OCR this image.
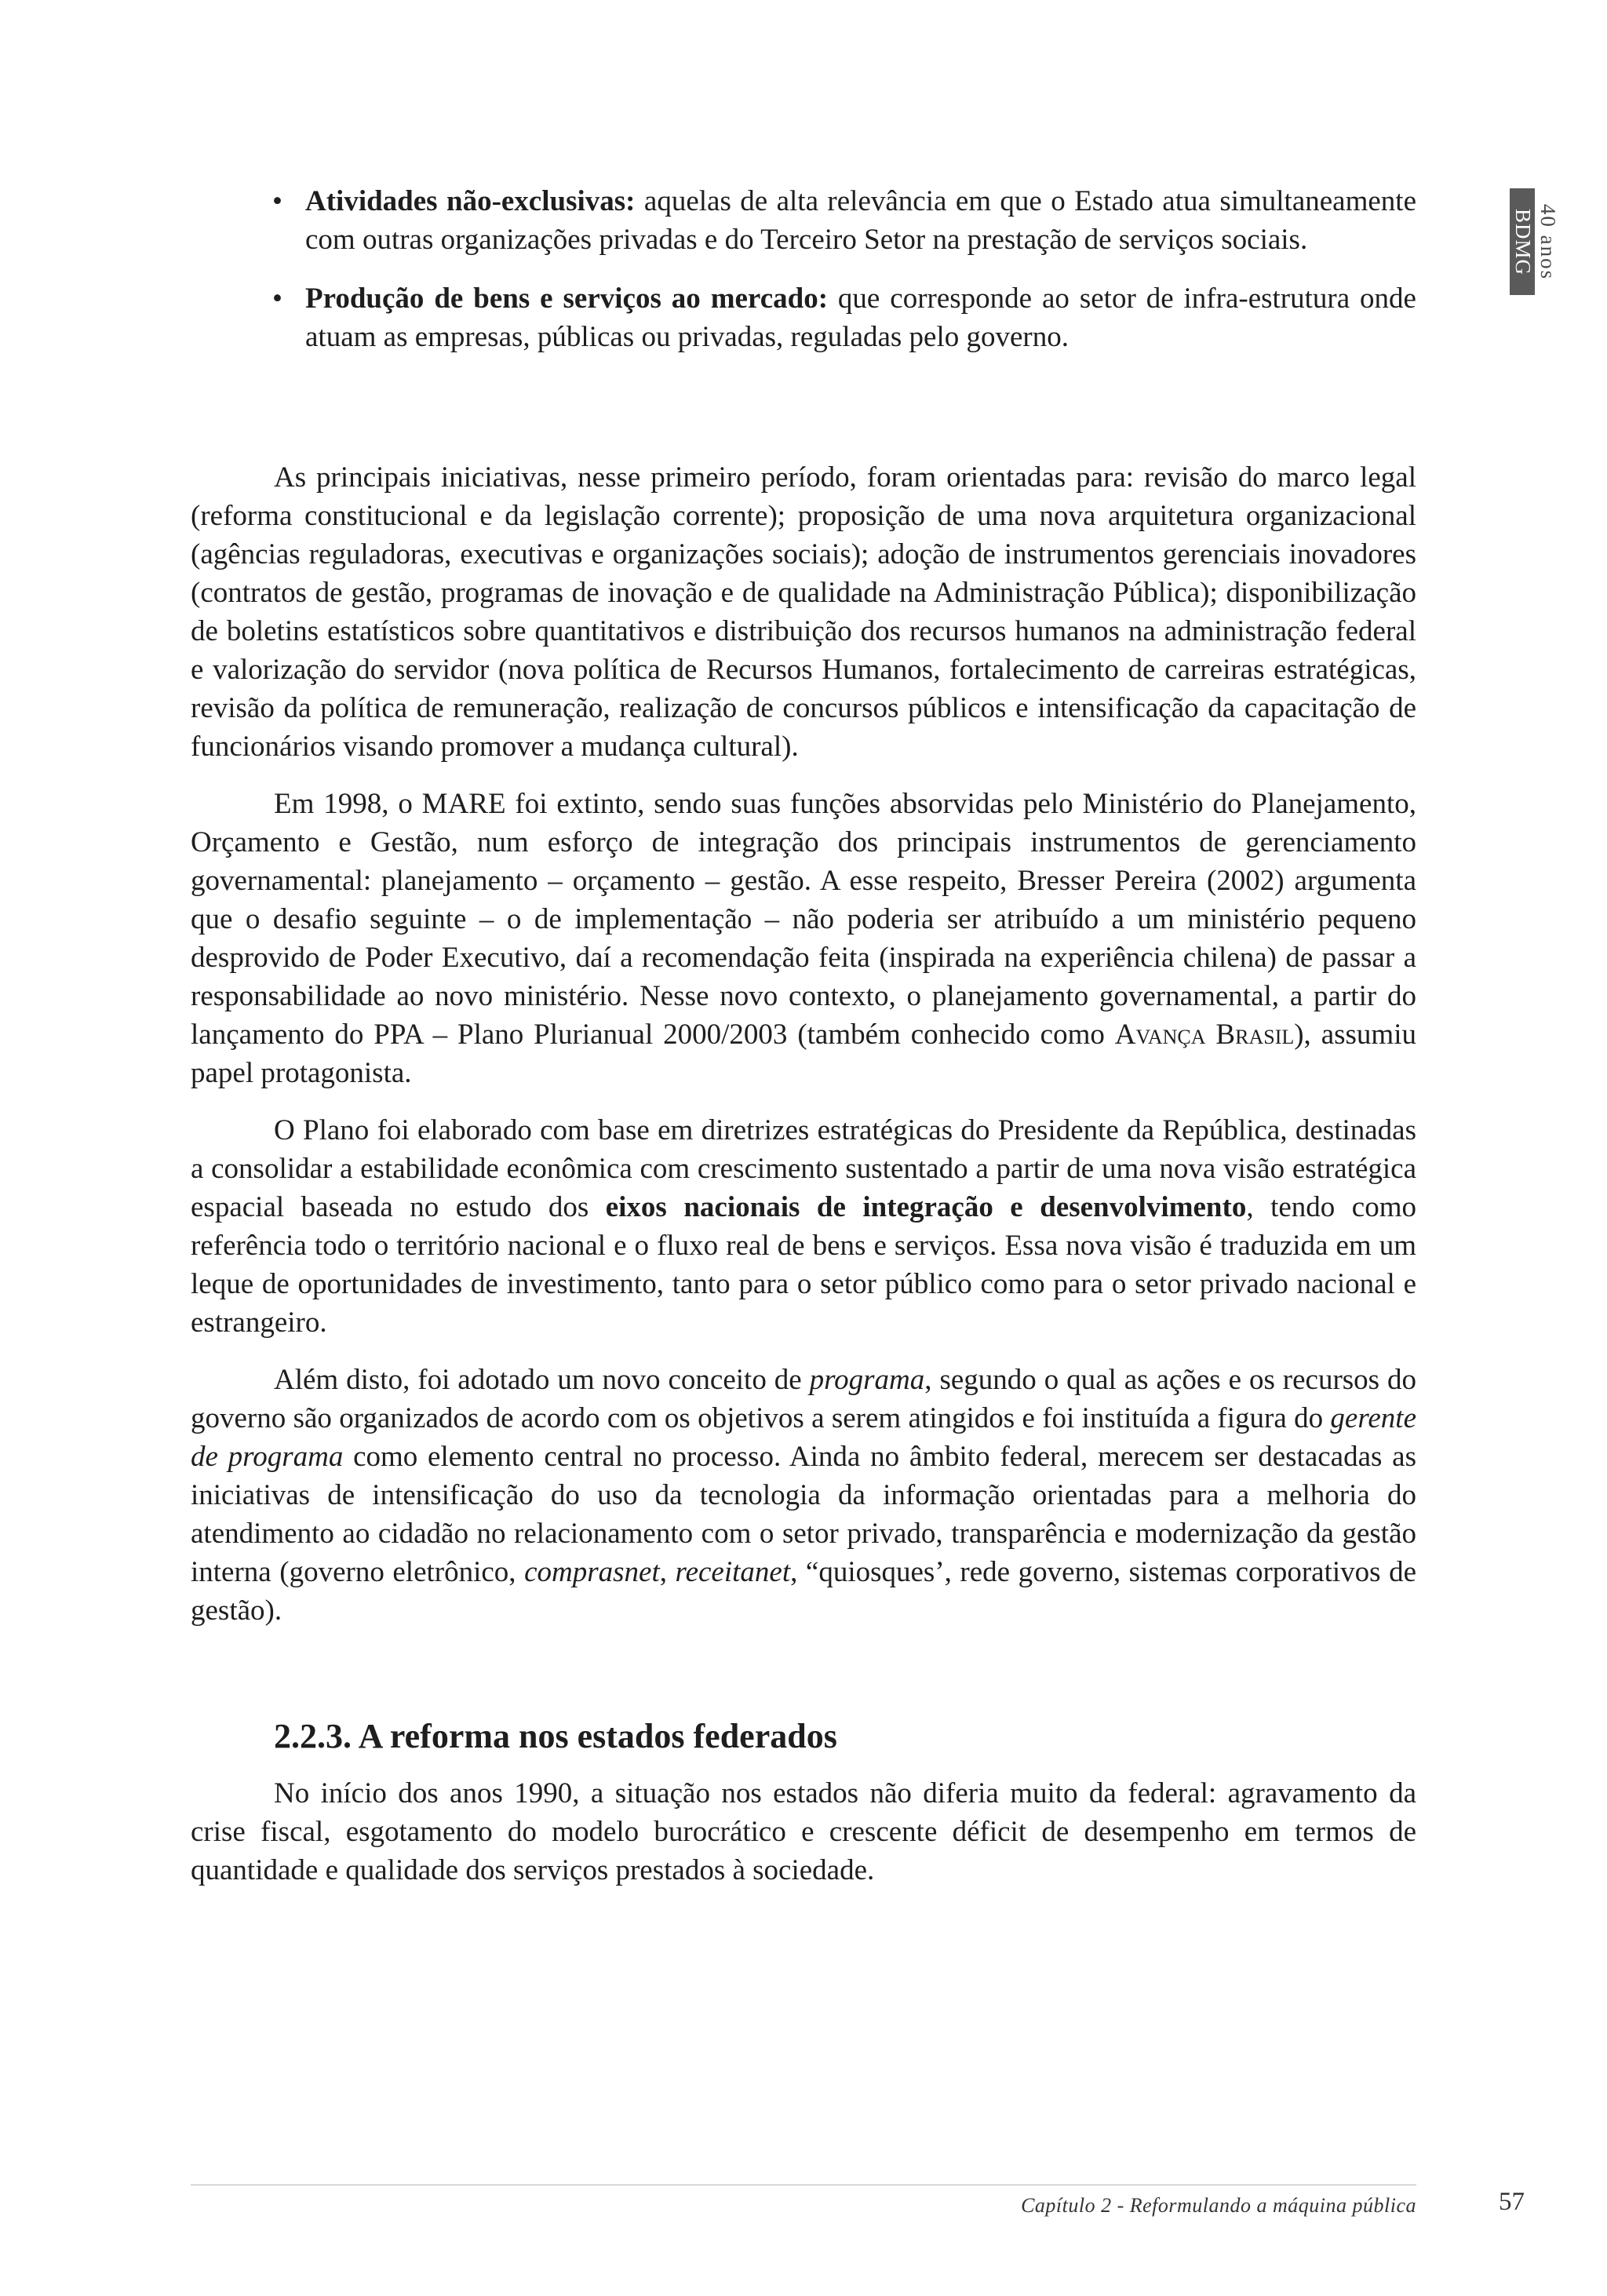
BDMG 40 anos
• Atividades não-exclusivas: aquelas de alta relevância em que o Estado atua simultaneamente com outras organizações privadas e do Terceiro Setor na prestação de serviços sociais.
• Produção de bens e serviços ao mercado: que corresponde ao setor de infra-estrutura onde atuam as empresas, públicas ou privadas, reguladas pelo governo.

As principais iniciativas, nesse primeiro período, foram orientadas para: revisão do marco legal (reforma constitucional e da legislação corrente); proposição de uma nova arquitetura organizacional (agências reguladoras, executivas e organizações sociais); adoção de instrumentos gerenciais inovadores (contratos de gestão, programas de inovação e de qualidade na Administração Pública); disponibilização de boletins estatísticos sobre quantitativos e distribuição dos recursos humanos na administração federal e valorização do servidor (nova política de Recursos Humanos, fortalecimento de carreiras estratégicas, revisão da política de remuneração, realização de concursos públicos e intensificação da capacitação de funcionários visando promover a mudança cultural).

Em 1998, o MARE foi extinto, sendo suas funções absorvidas pelo Ministério do Planejamento, Orçamento e Gestão, num esforço de integração dos principais instrumentos de gerenciamento governamental: planejamento – orçamento – gestão. A esse respeito, Bresser Pereira (2002) argumenta que o desafio seguinte – o de implementação – não poderia ser atribuído a um ministério pequeno desprovido de Poder Executivo, daí a recomendação feita (inspirada na experiência chilena) de passar a responsabilidade ao novo ministério. Nesse novo contexto, o planejamento governamental, a partir do lançamento do PPA – Plano Plurianual 2000/2003 (também conhecido como Avança Brasil), assumiu papel protagonista.

O Plano foi elaborado com base em diretrizes estratégicas do Presidente da República, destinadas a consolidar a estabilidade econômica com crescimento sustentado a partir de uma nova visão estratégica espacial baseada no estudo dos eixos nacionais de integração e desenvolvimento, tendo como referência todo o território nacional e o fluxo real de bens e serviços. Essa nova visão é traduzida em um leque de oportunidades de investimento, tanto para o setor público como para o setor privado nacional e estrangeiro.

Além disto, foi adotado um novo conceito de programa, segundo o qual as ações e os recursos do governo são organizados de acordo com os objetivos a serem atingidos e foi instituída a figura do gerente de programa como elemento central no processo. Ainda no âmbito federal, merecem ser destacadas as iniciativas de intensificação do uso da tecnologia da informação orientadas para a melhoria do atendimento ao cidadão no relacionamento com o setor privado, transparência e modernização da gestão interna (governo eletrônico, comprasnet, receitanet, “quiosques’, rede governo, sistemas corporativos de gestão).

2.2.3. A reforma nos estados federados

No início dos anos 1990, a situação nos estados não diferia muito da federal: agravamento da crise fiscal, esgotamento do modelo burocrático e crescente déficit de desempenho em termos de quantidade e qualidade dos serviços prestados à sociedade.

Capítulo 2 - Reformulando a máquina pública	57
